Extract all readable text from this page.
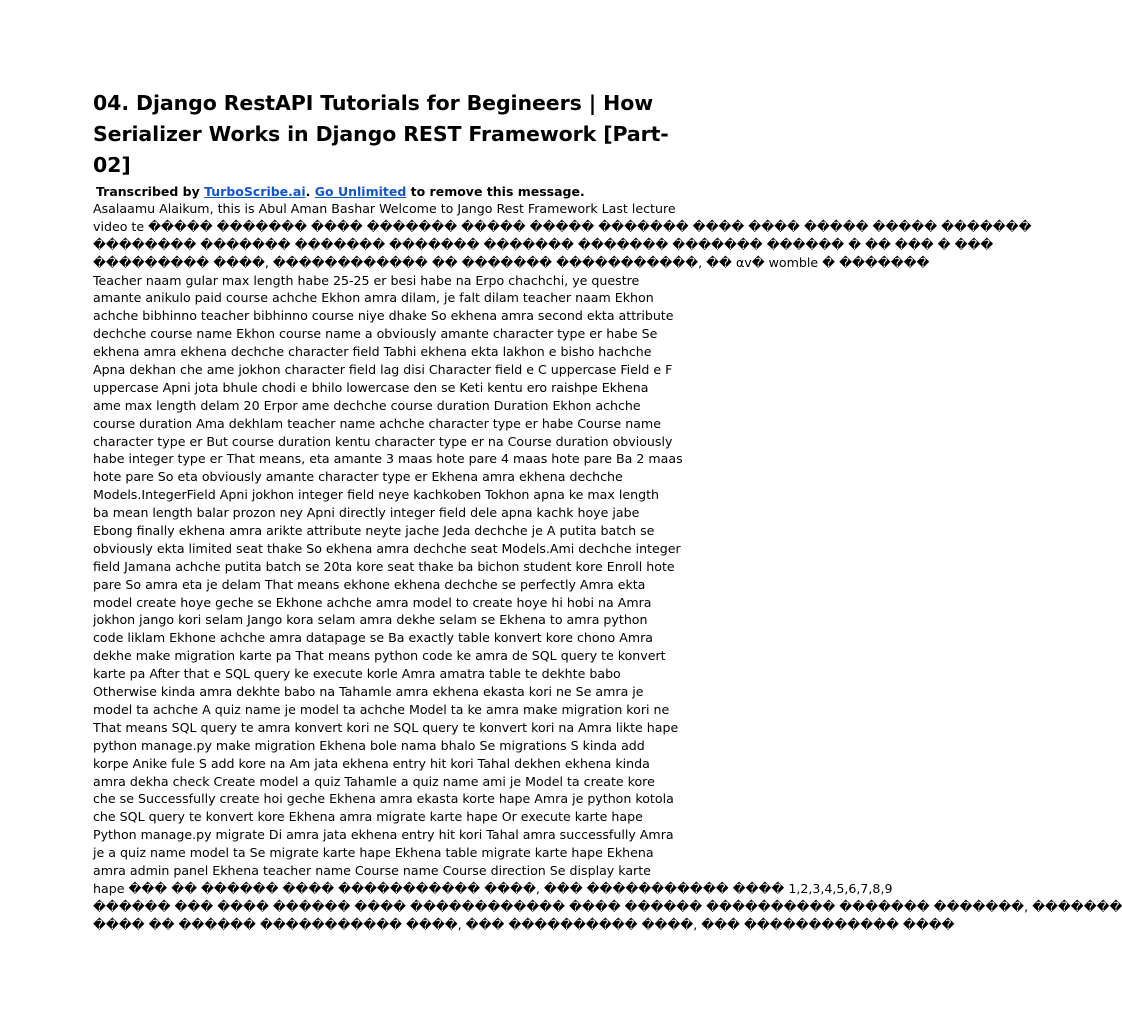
04. Django RestAPI Tutorials for Begineers | How Serializer Works in Django REST Framework [Part-02]

Transcribed by TurboScribe.ai. Go Unlimited to remove this message.

Asalaamu Alaikum, this is Abul Aman Bashar Welcome to Jango Rest Framework Last lecture
video te ����� ������� ���� ������� ����� ����� ������� ���� ���� ����� ����� �������
�������� ������� ������� ������� ������� ������� ������� ������ � �� ��� � ���
��������� ����, ������������ �� ������� �����������, �� αv� womble � �������
Teacher naam gular max length habe 25-25 er besi habe na Erpo chachchi, ye questre
amante anikulo paid course achche Ekhon amra dilam, je falt dilam teacher naam Ekhon
achche bibhinno teacher bibhinno course niye dhake So ekhena amra second ekta attribute
dechche course name Ekhon course name a obviously amante character type er habe Se
ekhena amra ekhena dechche character field Tabhi ekhena ekta lakhon e bisho hachche
Apna dekhan che ame jokhon character field lag disi Character field e C uppercase Field e F
uppercase Apni jota bhule chodi e bhilo lowercase den se Keti kentu ero raishpe Ekhena
ame max length delam 20 Erpor ame dechche course duration Duration Ekhon achche
course duration Ama dekhlam teacher name achche character type er habe Course name
character type er But course duration kentu character type er na Course duration obviously
habe integer type er That means, eta amante 3 maas hote pare 4 maas hote pare Ba 2 maas
hote pare So eta obviously amante character type er Ekhena amra ekhena dechche
Models.IntegerField Apni jokhon integer field neye kachkoben Tokhon apna ke max length
ba mean length balar prozon ney Apni directly integer field dele apna kachk hoye jabe
Ebong finally ekhena amra arikte attribute neyte jache Jeda dechche je A putita batch se
obviously ekta limited seat thake So ekhena amra dechche seat Models.Ami dechche integer
field Jamana achche putita batch se 20ta kore seat thake ba bichon student kore Enroll hote
pare So amra eta je delam That means ekhone ekhena dechche se perfectly Amra ekta
model create hoye geche se Ekhone achche amra model to create hoye hi hobi na Amra
jokhon jango kori selam Jango kora selam amra dekhe selam se Ekhena to amra python
code liklam Ekhone achche amra datapage se Ba exactly table konvert kore chono Amra
dekhe make migration karte pa That means python code ke amra de SQL query te konvert
karte pa After that e SQL query ke execute korle Amra amatra table te dekhte babo
Otherwise kinda amra dekhte babo na Tahamle amra ekhena ekasta kori ne Se amra je
model ta achche A quiz name je model ta achche Model ta ke amra make migration kori ne
That means SQL query te amra konvert kori ne SQL query te konvert kori na Amra likte hape
python manage.py make migration Ekhena bole nama bhalo Se migrations S kinda add
korpe Anike fule S add kore na Am jata ekhena entry hit kori Tahal dekhen ekhena kinda
amra dekha check Create model a quiz Tahamle a quiz name ami je Model ta create kore
che se Successfully create hoi geche Ekhena amra ekasta korte hape Amra je python kotola
che SQL query te konvert kore Ekhena amra migrate karte hape Or execute karte hape
Python manage.py migrate Di amra jata ekhena entry hit kori Tahal amra successfully Amra
je a quiz name model ta Se migrate karte hape Ekhena table migrate karte hape Ekhena
amra admin panel Ekhena teacher name Course name Course direction Se display karte
hape ��� �� ������ ���� ����������� ����, ��� ����������� ���� 1,2,3,4,5,6,7,8,9
������ ��� ���� ������ ���� ������������ ���� ������ ���������� ������� �������, �������
���� �� ������ ����������� ����, ��� ���������� ����, ��� ������������ ����
